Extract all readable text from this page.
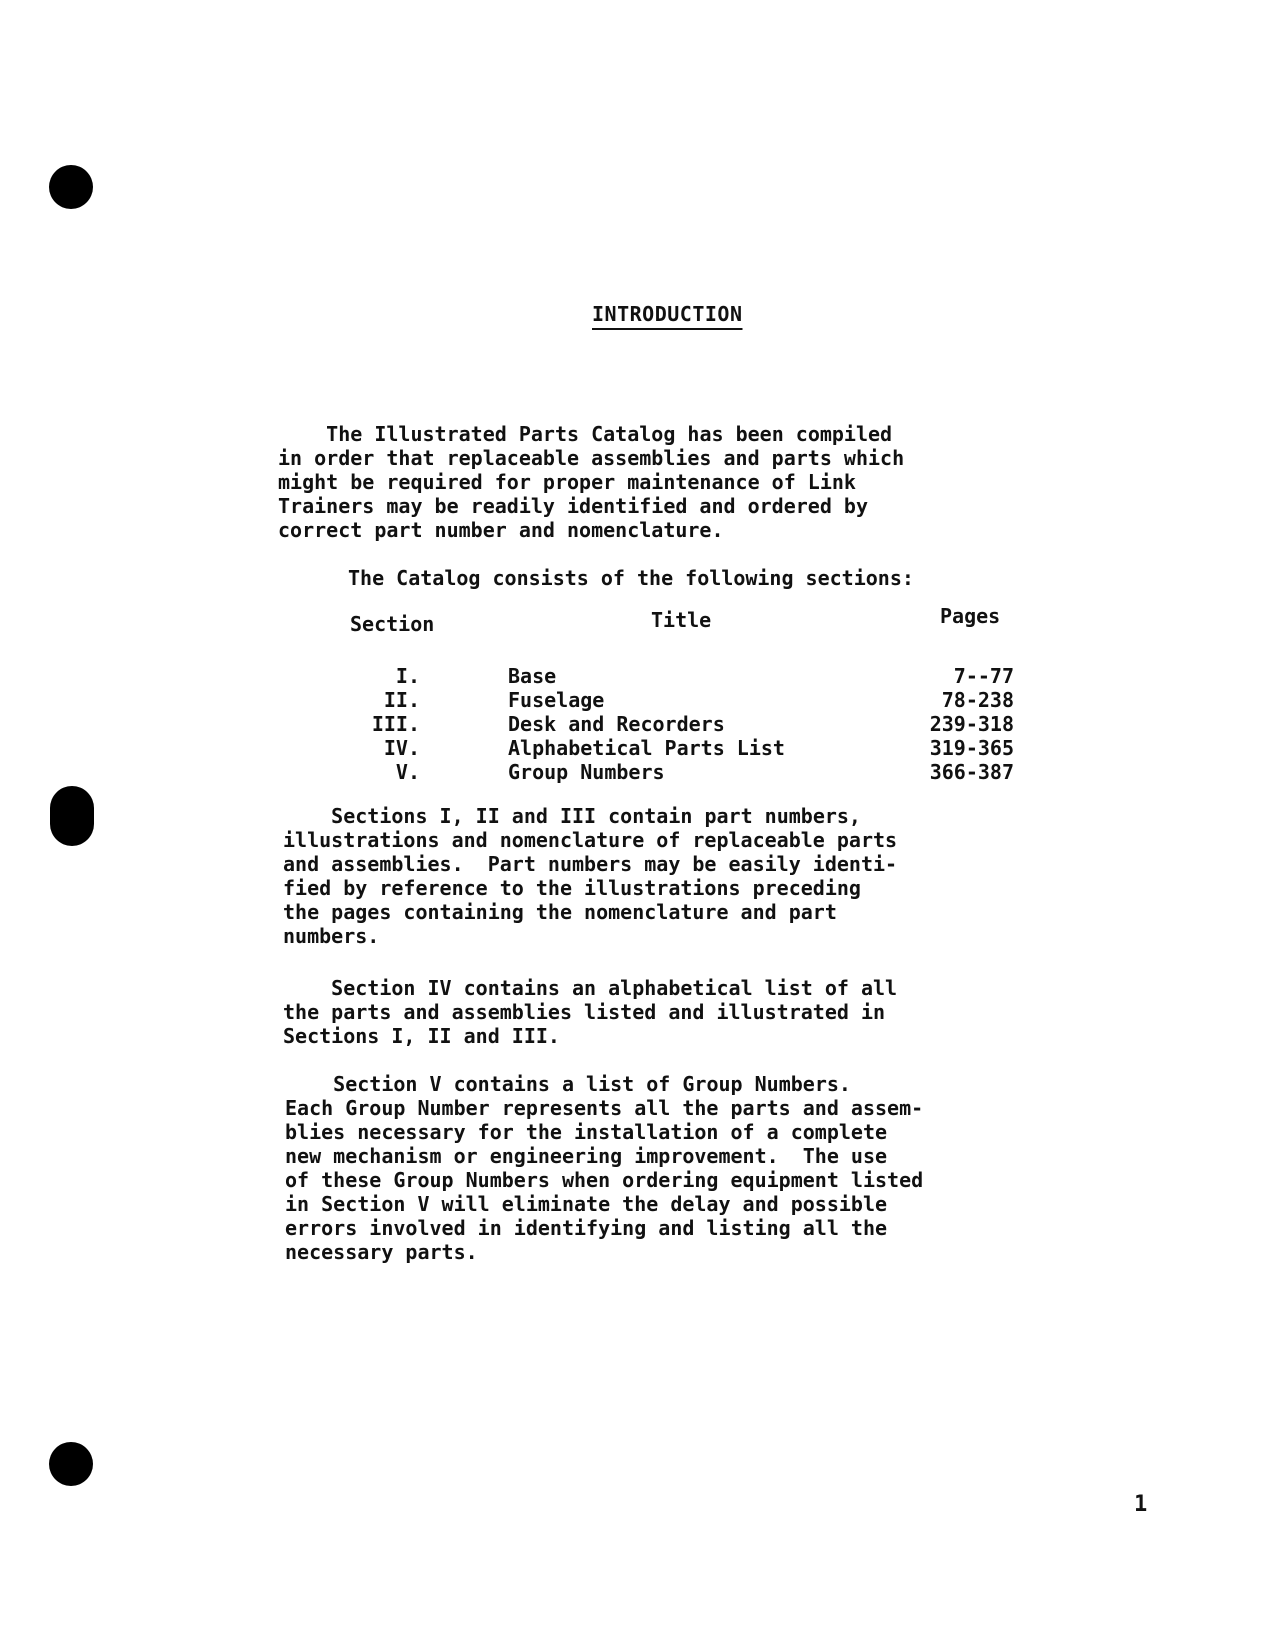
INTRODUCTION

The Illustrated Parts Catalog has been compiled
in order that replaceable assemblies and parts which
might be required for proper maintenance of Link
Trainers may be readily identified and ordered by
correct part number and nomenclature.

The Catalog consists of the following sections:

Section	Title	Pages
I.	Base	7--77
II.	Fuselage	78-238
III.	Desk and Recorders	239-318
IV.	Alphabetical Parts List	319-365
V.	Group Numbers	366-387

Sections I, II and III contain part numbers,
illustrations and nomenclature of replaceable parts
and assemblies.  Part numbers may be easily identi-
fied by reference to the illustrations preceding
the pages containing the nomenclature and part
numbers.

Section IV contains an alphabetical list of all
the parts and assemblies listed and illustrated in
Sections I, II and III.

Section V contains a list of Group Numbers.
Each Group Number represents all the parts and assem-
blies necessary for the installation of a complete
new mechanism or engineering improvement.  The use
of these Group Numbers when ordering equipment listed
in Section V will eliminate the delay and possible
errors involved in identifying and listing all the
necessary parts.

1
